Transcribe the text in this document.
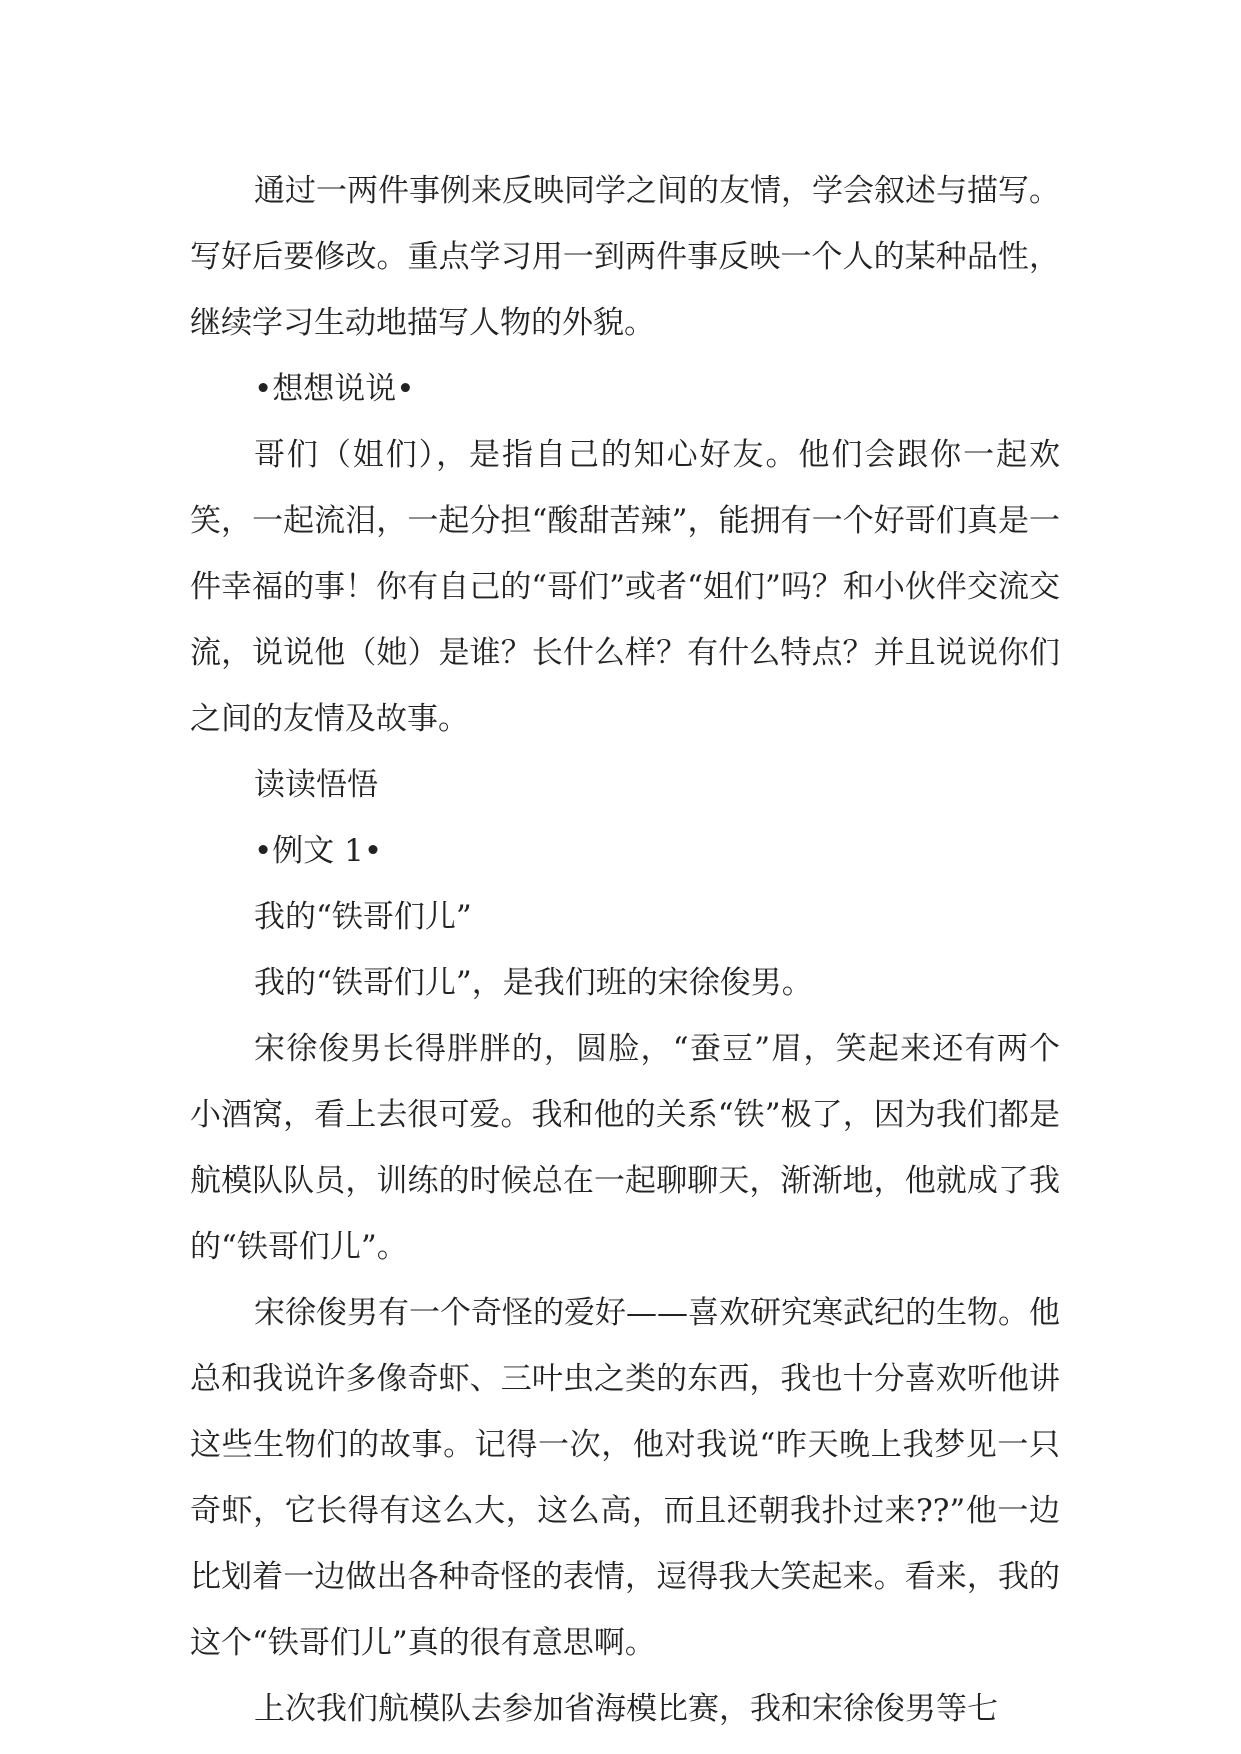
通过一两件事例来反映同学之间的友情，学会叙述与描写。写好后要修改。重点学习用一到两件事反映一个人的某种品性，继续学习生动地描写人物的外貌。

•想想说说•

哥们（姐们），是指自己的知心好友。他们会跟你一起欢笑，一起流泪，一起分担“酸甜苦辣”，能拥有一个好哥们真是一件幸福的事！你有自己的“哥们”或者“姐们”吗？和小伙伴交流交流，说说他（她）是谁？长什么样？有什么特点？并且说说你们之间的友情及故事。

读读悟悟

•例文 1•

我的“铁哥们儿”

我的“铁哥们儿”，是我们班的宋徐俊男。

宋徐俊男长得胖胖的，圆脸，“蚕豆”眉，笑起来还有两个小酒窝，看上去很可爱。我和他的关系“铁”极了，因为我们都是航模队队员，训练的时候总在一起聊聊天，渐渐地，他就成了我的“铁哥们儿”。

宋徐俊男有一个奇怪的爱好——喜欢研究寒武纪的生物。他总和我说许多像奇虾、三叶虫之类的东西，我也十分喜欢听他讲这些生物们的故事。记得一次，他对我说“昨天晚上我梦见一只奇虾，它长得有这么大，这么高，而且还朝我扑过来??”他一边比划着一边做出各种奇怪的表情，逗得我大笑起来。看来，我的这个“铁哥们儿”真的很有意思啊。

上次我们航模队去参加省海模比赛，我和宋徐俊男等七
